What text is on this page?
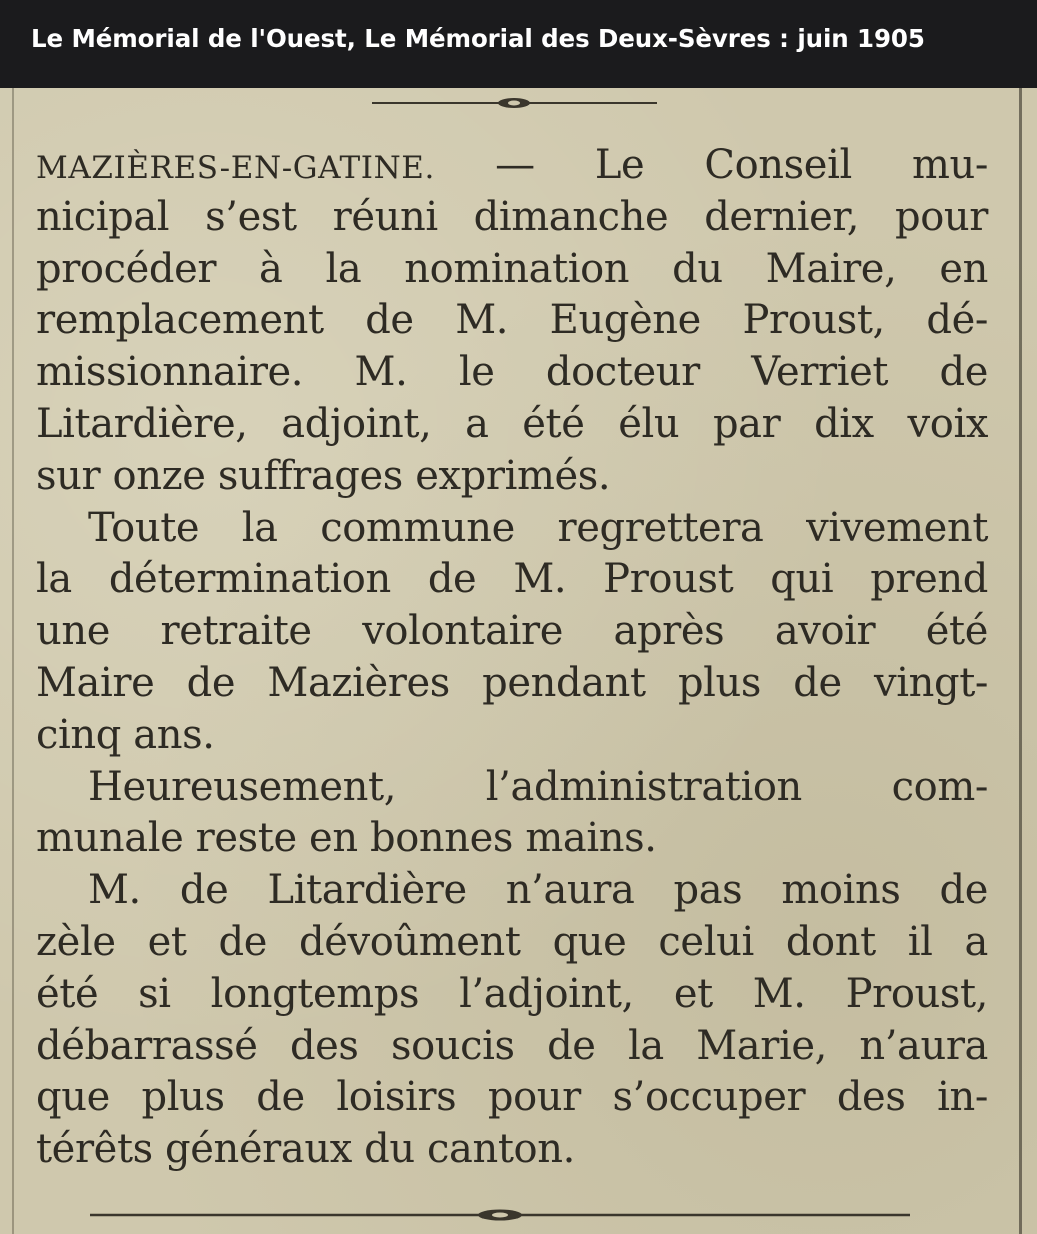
Le Mémorial de l'Ouest, Le Mémorial des Deux-Sèvres : juin 1905
MAZIÈRES-EN-GATINE. — Le Conseil mu-
nicipal s’est réuni dimanche dernier, pour
procéder à la nomination du Maire, en
remplacement de M. Eugène Proust, dé-
missionnaire. M. le docteur Verriet de
Litardière, adjoint, a été élu par dix voix
sur onze suffrages exprimés.
Toute la commune regrettera vivement
la détermination de M. Proust qui prend
une retraite volontaire après avoir été
Maire de Mazières pendant plus de vingt-
cinq ans.
Heureusement, l’administration com-
munale reste en bonnes mains.
M. de Litardière n’aura pas moins de
zèle et de dévoûment que celui dont il a
été si longtemps l’adjoint, et M. Proust,
débarrassé des soucis de la Marie, n’aura
que plus de loisirs pour s’occuper des in-
térêts généraux du canton.
